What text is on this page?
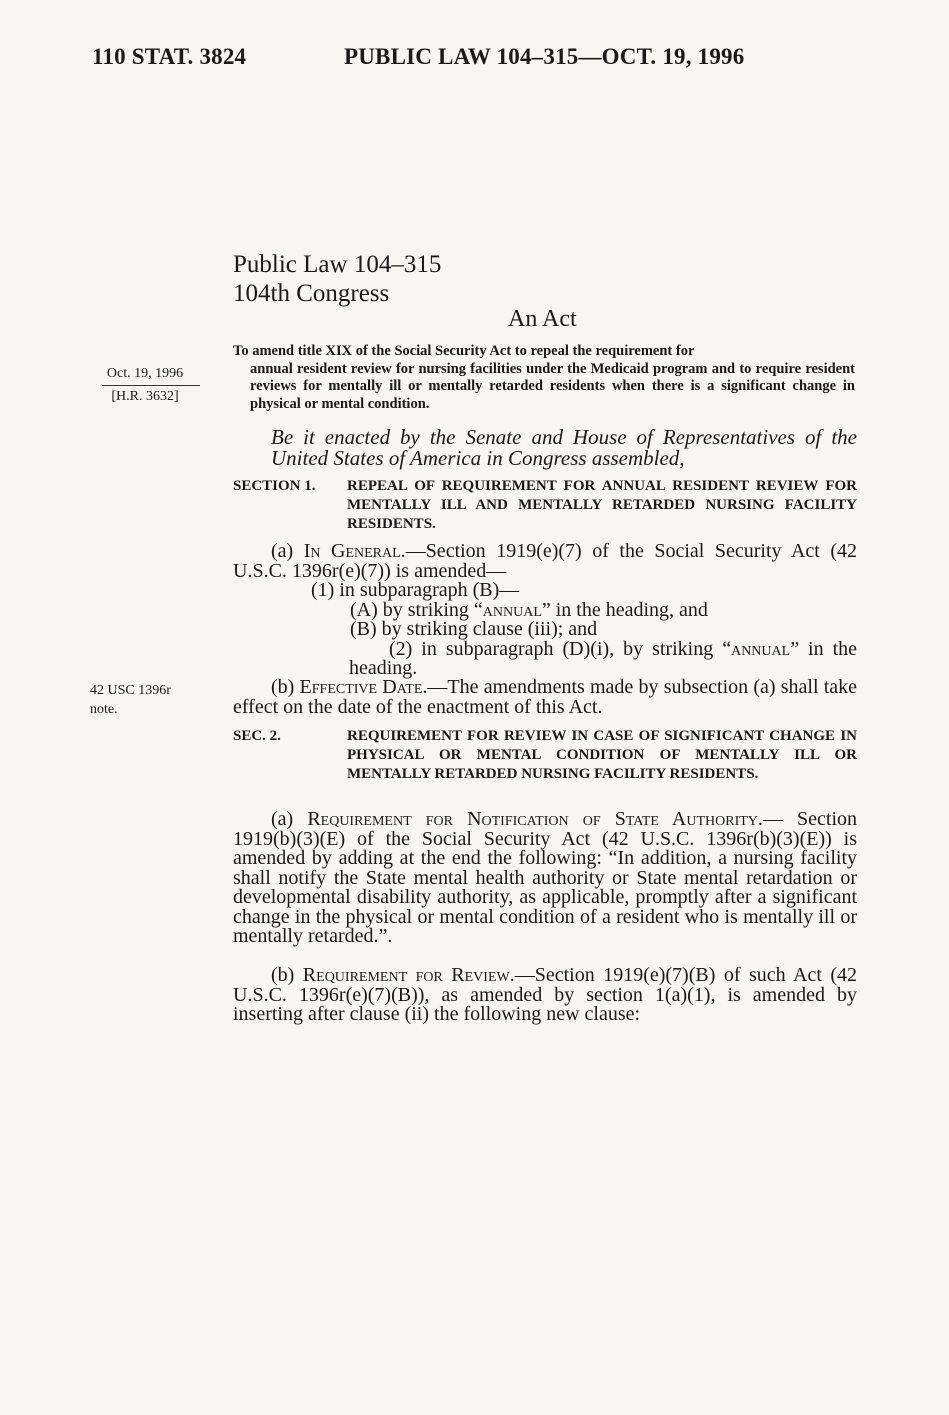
110 STAT. 3824	PUBLIC LAW 104–315—OCT. 19, 1996
Public Law 104–315
104th Congress
An Act
Oct. 19, 1996
[H.R. 3632]
To amend title XIX of the Social Security Act to repeal the requirement for
annual resident review for nursing facilities under the Medicaid program and to require resident reviews for mentally ill or mentally retarded residents when there is a significant change in physical or mental condition.
Be it enacted by the Senate and House of Representatives of the United States of America in Congress assembled,
SECTION 1. REPEAL OF REQUIREMENT FOR ANNUAL RESIDENT REVIEW FOR MENTALLY ILL AND MENTALLY RETARDED NURSING FACILITY RESIDENTS.
(a) In General.—Section 1919(e)(7) of the Social Security Act (42 U.S.C. 1396r(e)(7)) is amended—
(1) in subparagraph (B)—
(A) by striking “annual” in the heading, and
(B) by striking clause (iii); and
(2) in subparagraph (D)(i), by striking “annual” in the heading.
42 USC 1396r
note.
(b) Effective Date.—The amendments made by subsection (a) shall take effect on the date of the enactment of this Act.
SEC. 2.	REQUIREMENT FOR REVIEW IN CASE OF SIGNIFICANT CHANGE IN PHYSICAL OR MENTAL CONDITION OF MENTALLY ILL OR MENTALLY RETARDED NURSING FACILITY RESIDENTS.
(a) Requirement for Notification of State Authority.— Section 1919(b)(3)(E) of the Social Security Act (42 U.S.C. 1396r(b)(3)(E)) is amended by adding at the end the following: “In addition, a nursing facility shall notify the State mental health authority or State mental retardation or developmental disability authority, as applicable, promptly after a significant change in the physical or mental condition of a resident who is mentally ill or mentally retarded.”.
(b) Requirement for Review.—Section 1919(e)(7)(B) of such Act (42 U.S.C. 1396r(e)(7)(B)), as amended by section 1(a)(1), is amended by inserting after clause (ii) the following new clause:
